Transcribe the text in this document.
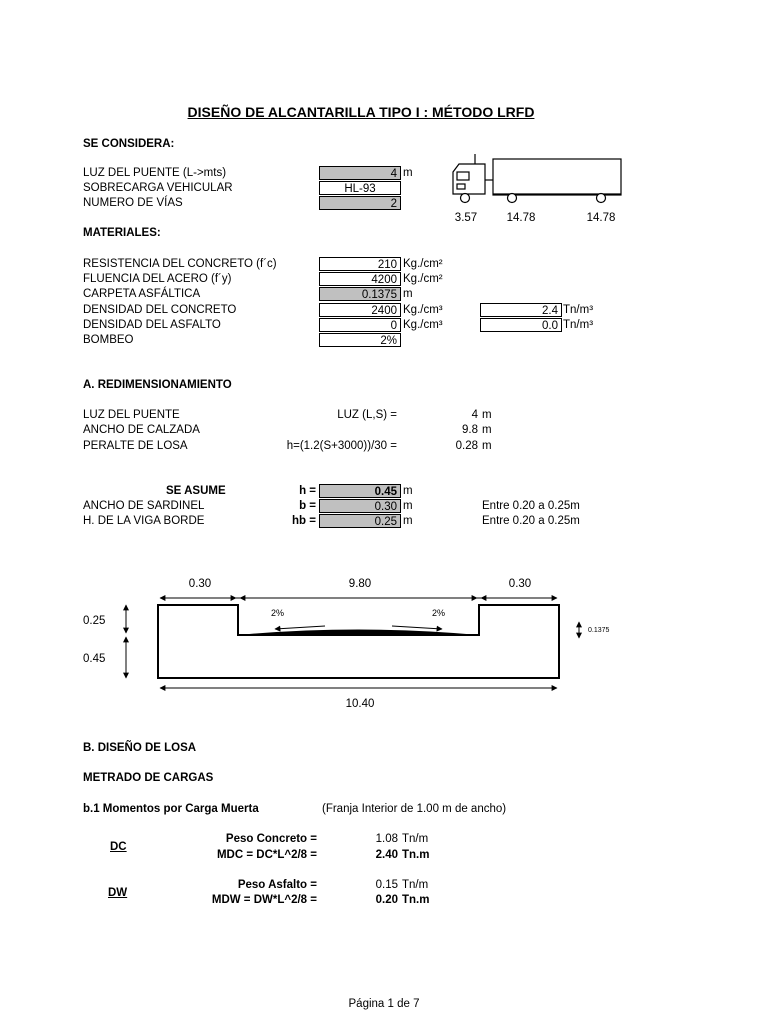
DISEÑO DE ALCANTARILLA TIPO I : MÉTODO LRFD
SE CONSIDERA:
LUZ DEL PUENTE (L->mts)	4 m
SOBRECARGA VEHICULAR	HL-93
NUMERO DE VÍAS	2
3.57	14.78	14.78
MATERIALES:
RESISTENCIA DEL CONCRETO (f´c)	210 Kg./cm²
FLUENCIA DEL ACERO (f´y)	4200 Kg./cm²
CARPETA ASFÁLTICA	0.1375 m
DENSIDAD DEL CONCRETO	2400 Kg./cm³	2.4 Tn/m³
DENSIDAD DEL ASFALTO	0 Kg./cm³	0.0 Tn/m³
BOMBEO	2%
A. REDIMENSIONAMIENTO
LUZ DEL PUENTE	LUZ (L,S) =	4 m
ANCHO DE CALZADA	9.8 m
PERALTE DE LOSA	h=(1.2(S+3000))/30 =	0.28 m
SE ASUME	h =	0.45 m
ANCHO DE SARDINEL	b =	0.30 m	Entre 0.20 a 0.25m
H. DE LA VIGA BORDE	hb =	0.25 m	Entre 0.20 a 0.25m
0.30	9.80	0.30
0.25
0.45
2%	2%
0.1375
10.40
B. DISEÑO DE LOSA
METRADO DE CARGAS
b.1 Momentos por Carga Muerta	(Franja Interior de 1.00 m de ancho)
DC
Peso Concreto =	1.08 Tn/m
MDC = DC*L^2/8 =	2.40 Tn.m
DW
Peso Asfalto =	0.15 Tn/m
MDW = DW*L^2/8 =	0.20 Tn.m
Página 1 de 7
